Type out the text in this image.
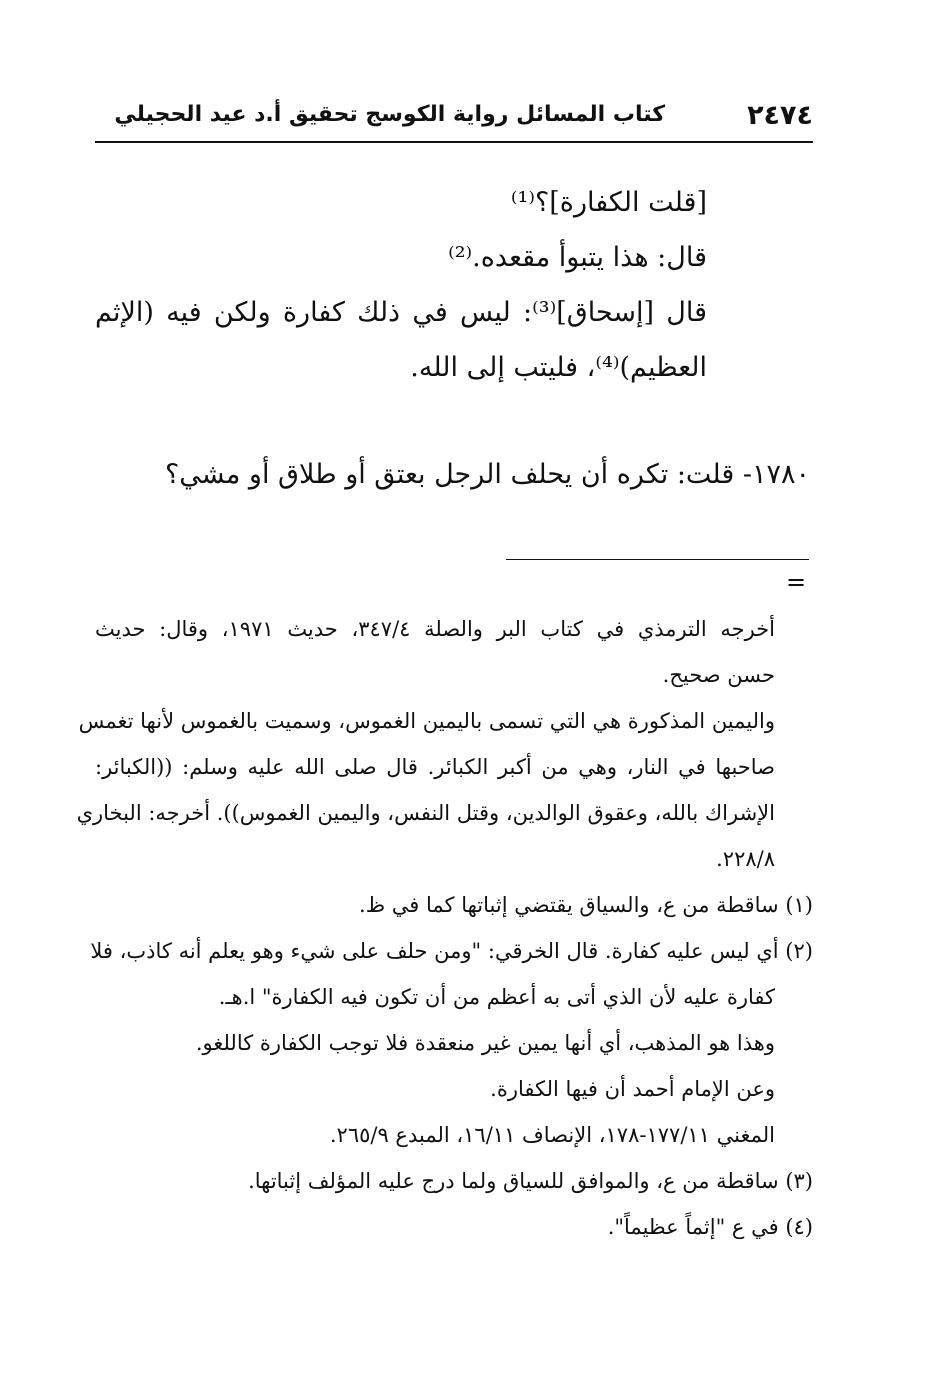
٢٤٧٤
كتاب المسائل رواية الكوسج تحقيق أ.د عيد الحجيلي
[قلت الكفارة]؟⁽¹⁾
قال: هذا يتبوأ مقعده.⁽²⁾
قال [إسحاق]⁽³⁾: ليس في ذلك كفارة ولكن فيه (الإثم
العظيم)⁽⁴⁾، فليتب إلى الله.
١٧٨٠- قلت: تكره أن يحلف الرجل بعتق أو طلاق أو مشي؟
=
أخرجه الترمذي في كتاب البر والصلة ٣٤٧/٤، حديث ١٩٧١، وقال: حديث
حسن صحيح.
واليمين المذكورة هي التي تسمى باليمين الغموس، وسميت بالغموس لأنها تغمس
صاحبها في النار، وهي من أكبر الكبائر. قال صلى الله عليه وسلم: ((الكبائر:
الإشراك بالله، وعقوق الوالدين، وقتل النفس، واليمين الغموس)). أخرجه: البخاري
٢٢٨/٨.
(١) ساقطة من ع، والسياق يقتضي إثباتها كما في ظ.
(٢) أي ليس عليه كفارة. قال الخرقي: "ومن حلف على شيء وهو يعلم أنه كاذب، فلا
كفارة عليه لأن الذي أتى به أعظم من أن تكون فيه الكفارة" ا.هـ.
وهذا هو المذهب، أي أنها يمين غير منعقدة فلا توجب الكفارة كاللغو.
وعن الإمام أحمد أن فيها الكفارة.
المغني ١٧٧/١١-١٧٨، الإنصاف ١٦/١١، المبدع ٢٦٥/٩.
(٣) ساقطة من ع، والموافق للسياق ولما درج عليه المؤلف إثباتها.
(٤) في ع "إثماً عظيماً".
